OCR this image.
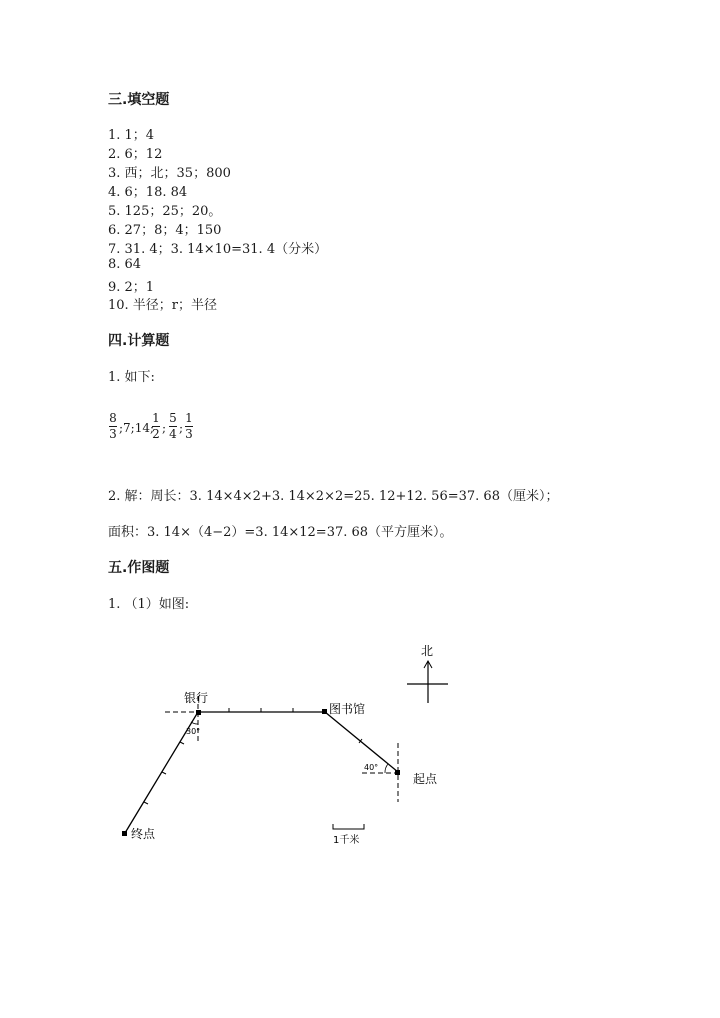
三.填空题
1. 1；4
2. 6；12
3. 西；北；35；800
4. 6；18. 84
5. 125；25；20。
6. 27；8；4；150
7. 31. 4；3. 14×10=31. 4（分米）
8. 64
9. 2；1
10. 半径；r；半径
四.计算题
1. 如下:
8
3 ;7;14;
1
2 ;
5
4 ;
1
3
2. 解：周长：3. 14×4×2+3. 14×2×2=25. 12+12. 56=37. 68（厘米）；
面积：3. 14×（4−2）=3. 14×12=37. 68（平方厘米）。
五.作图题
1. （1）如图:
北
银行
图书馆
起点
终点
30°
40°
1千米
